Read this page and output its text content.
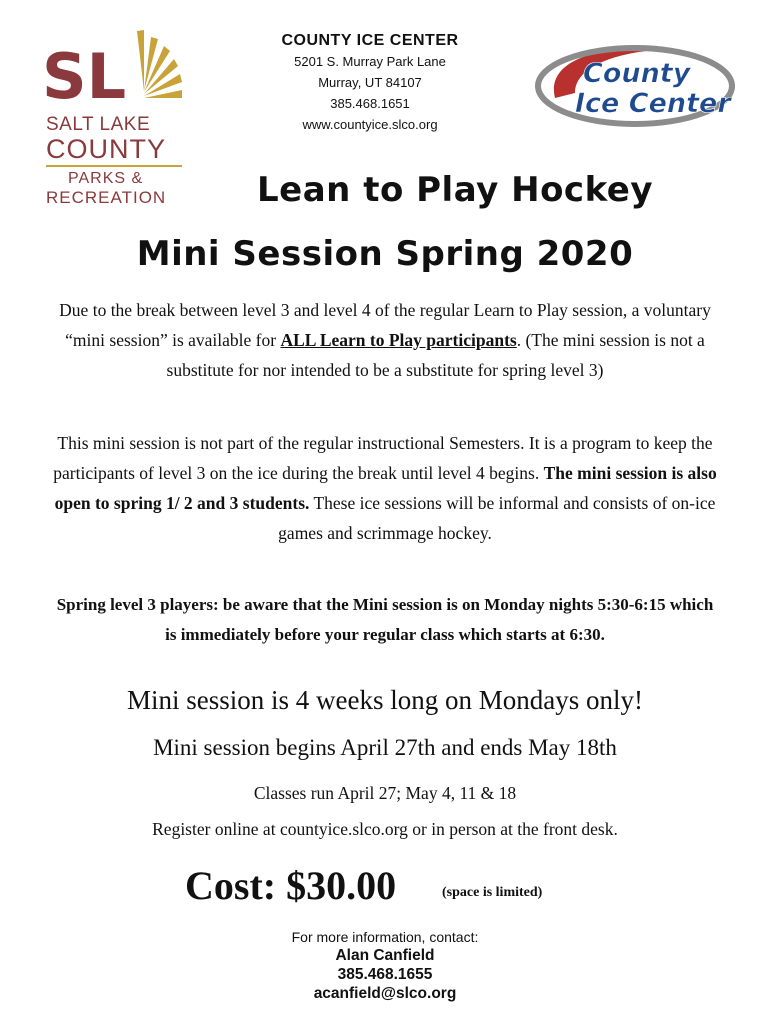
SL
SALT LAKE
COUNTY
PARKS &
RECREATION
COUNTY ICE CENTER
5201 S. Murray Park Lane
Murray, UT 84107
385.468.1651
www.countyice.slco.org
County
Ice Center
Lean to Play Hockey
Mini Session Spring 2020
Due to the break between level 3 and level 4 of the regular Learn to Play session, a voluntary “mini session” is available for ALL Learn to Play participants. (The mini session is not a substitute for nor intended to be a substitute for spring level 3)
This mini session is not part of the regular instructional Semesters. It is a program to keep the participants of level 3 on the ice during the break until level 4 begins. The mini session is also open to spring 1/ 2 and 3 students. These ice sessions will be informal and consists of on-ice games and scrimmage hockey.
Spring level 3 players: be aware that the Mini session is on Monday nights 5:30-6:15 which is immediately before your regular class which starts at 6:30.
Mini session is 4 weeks long on Mondays only!
Mini session begins April 27th and ends May 18th
Classes run April 27; May 4, 11 & 18
Register online at countyice.slco.org or in person at the front desk.
Cost: $30.00	(space is limited)
For more information, contact:
Alan Canfield
385.468.1655
acanfield@slco.org
